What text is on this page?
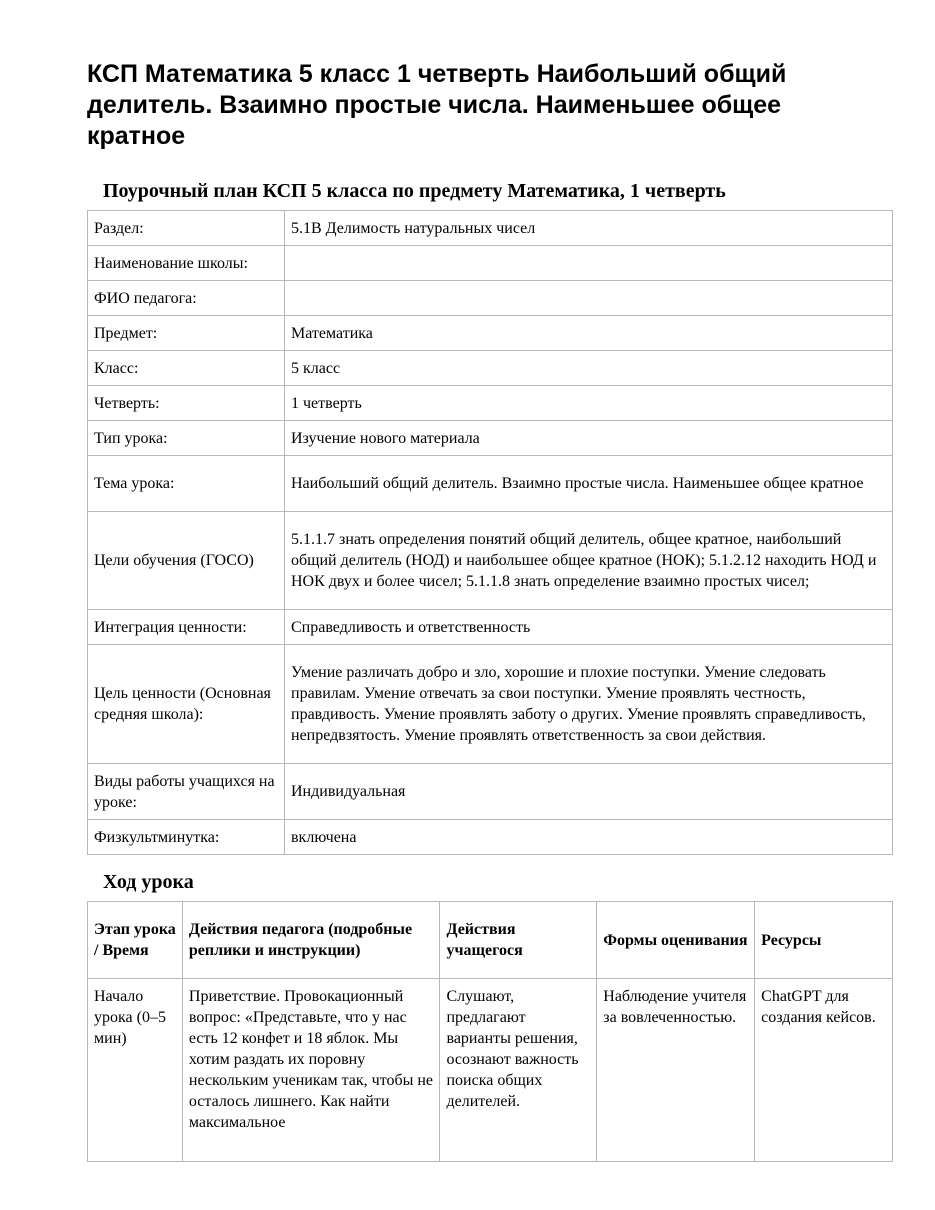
КСП Математика 5 класс 1 четверть Наибольший общий делитель. Взаимно простые числа. Наименьшее общее кратное
Поурочный план КСП 5 класса по предмету Математика, 1 четверть
Раздел:	5.1В Делимость натуральных чисел
Наименование школы:	
ФИО педагога:	
Предмет:	Математика
Класс:	5 класс
Четверть:	1 четверть
Тип урока:	Изучение нового материала
Тема урока:	Наибольший общий делитель. Взаимно простые числа. Наименьшее общее кратное
Цели обучения (ГОСО)	5.1.1.7 знать определения понятий общий делитель, общее кратное, наибольший общий делитель (НОД) и наибольшее общее кратное (НОК); 5.1.2.12 находить НОД и НОК двух и более чисел; 5.1.1.8 знать определение взаимно простых чисел;
Интеграция ценности:	Справедливость и ответственность
Цель ценности (Основная средняя школа):	Умение различать добро и зло, хорошие и плохие поступки. Умение следовать правилам. Умение отвечать за свои поступки. Умение проявлять честность, правдивость. Умение проявлять заботу о других. Умение проявлять справедливость, непредвзятость. Умение проявлять ответственность за свои действия.
Виды работы учащихся на уроке:	Индивидуальная
Физкультминутка:	включена
Ход урока
Этап урока / Время	Действия педагога (подробные реплики и инструкции)	Действия учащегося	Формы оценивания	Ресурсы
Начало урока (0–5 мин)	Приветствие. Провокационный вопрос: «Представьте, что у нас есть 12 конфет и 18 яблок. Мы хотим раздать их поровну нескольким ученикам так, чтобы не осталось лишнего. Как найти максимальное	Слушают, предлагают варианты решения, осознают важность поиска общих делителей.	Наблюдение учителя за вовлеченностью.	ChatGPT для создания кейсов.
